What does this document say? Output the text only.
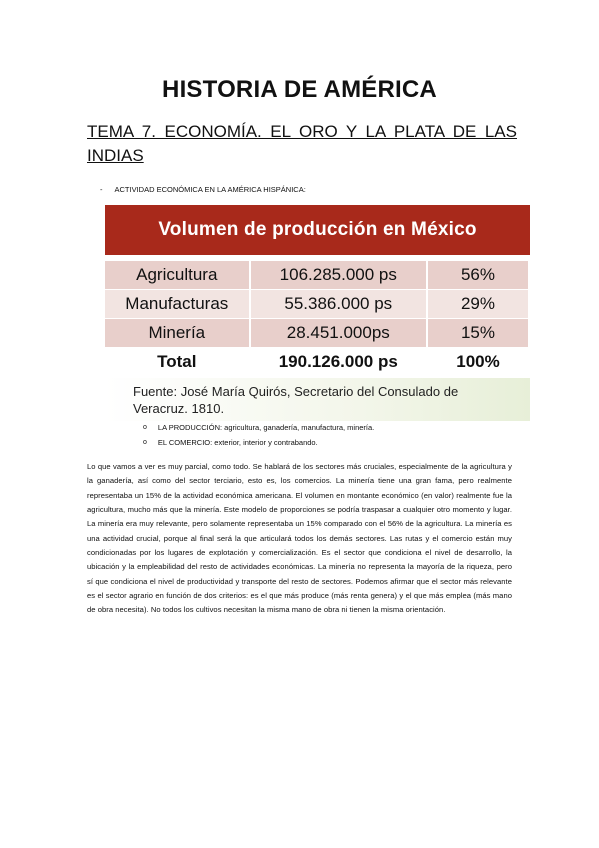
HISTORIA DE AMÉRICA
TEMA 7. ECONOMÍA. EL ORO Y LA PLATA DE LAS INDIAS
- ACTIVIDAD ECONÓMICA EN LA AMÉRICA HISPÁNICA:
Volumen de producción en México
Agricultura	106.285.000 ps	56%
Manufacturas	55.386.000 ps	29%
Minería	28.451.000ps	15%
Total	190.126.000 ps	100%
Fuente: José María Quirós, Secretario del Consulado de
Veracruz. 1810.
o LA PRODUCCIÓN: agricultura, ganadería, manufactura, minería.
o EL COMERCIO: exterior, interior y contrabando.
Lo que vamos a ver es muy parcial, como todo. Se hablará de los sectores más cruciales, especialmente de la agricultura y la ganadería, así como del sector terciario, esto es, los comercios. La minería tiene una gran fama, pero realmente representaba un 15% de la actividad económica americana. El volumen en montante económico (en valor) realmente fue la agricultura, mucho más que la minería. Este modelo de proporciones se podría traspasar a cualquier otro momento y lugar. La minería era muy relevante, pero solamente representaba un 15% comparado con el 56% de la agricultura. La minería es una actividad crucial, porque al final será la que articulará todos los demás sectores. Las rutas y el comercio están muy condicionadas por los lugares de explotación y comercialización. Es el sector que condiciona el nivel de desarrollo, la ubicación y la empleabilidad del resto de actividades económicas. La minería no representa la mayoría de la riqueza, pero sí que condiciona el nivel de productividad y transporte del resto de sectores. Podemos afirmar que el sector más relevante es el sector agrario en función de dos criterios: es el que más produce (más renta genera) y el que más emplea (más mano de obra necesita). No todos los cultivos necesitan la misma mano de obra ni tienen la misma orientación.
